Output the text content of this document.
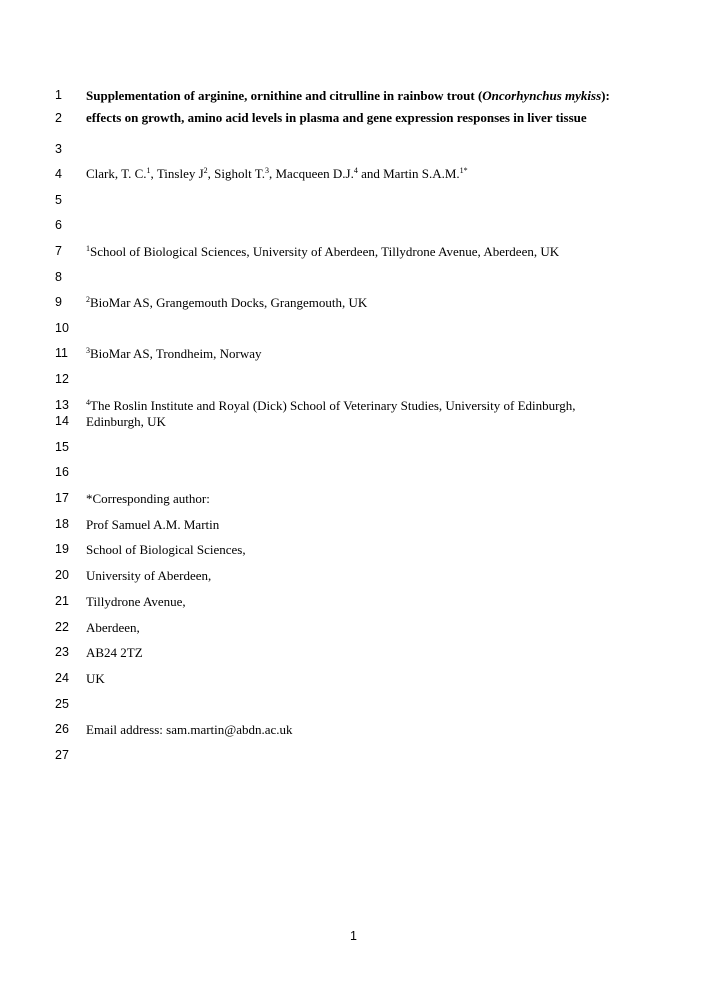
1
2
3
4
5
6
7
8
9
10
11
12
13
14
15
16
17
18
19
20
21
22
23
24
25
26
27
Supplementation of arginine, ornithine and citrulline in rainbow trout (Oncorhynchus mykiss):
effects on growth, amino acid levels in plasma and gene expression responses in liver tissue
Clark, T. C.$^1$, Tinsley $J^2$, Sigholt T.$^3$, Macqueen D.J.$^4$ and Martin S.A.M.$^{1*}$
$^1$School of Biological Sciences, University of Aberdeen, Tillydrone Avenue, Aberdeen, UK
$^2$BioMar AS, Grangemouth Docks, Grangemouth, UK
$^3$BioMar AS, Trondheim, Norway
$^4$The Roslin Institute and Royal (Dick) School of Veterinary Studies, University of Edinburgh,
Edinburgh, UK
*Corresponding author:
Prof Samuel A.M. Martin
School of Biological Sciences,
University of Aberdeen,
Tillydrone Avenue,
Aberdeen,
AB24 2TZ
UK
Email address: sam.martin@abdn.ac.uk
1
